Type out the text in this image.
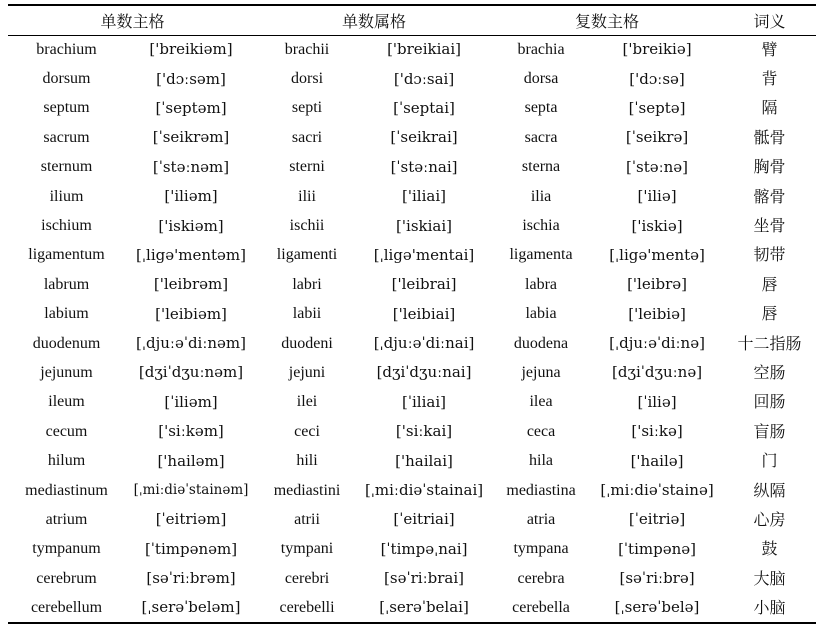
单数主格		单数属格		复数主格		词义
brachium	['breikiəm]	brachii	['breikiai]	brachia	['breikiə]	臂
dorsum	['dɔːsəm]	dorsi	['dɔːsai]	dorsa	['dɔːsə]	背
septum	[ˈseptəm]	septi	[ˈseptai]	septa	[ˈseptə]	隔
sacrum	[ˈseikrəm]	sacri	[ˈseikrai]	sacra	[ˈseikrə]	骶骨
sternum	[ˈstəːnəm]	sterni	[ˈstəːnai]	sterna	[ˈstəːnə]	胸骨
ilium	['iliəm]	ilii	['iliai]	ilia	['iliə]	髂骨
ischium	['iskiəm]	ischii	['iskiai]	ischia	['iskiə]	坐骨
ligamentum	[ˌligə'mentəm]	ligamenti	[ˌligə'mentai]	ligamenta	[ˌligə'mentə]	韧带
labrum	['leibrəm]	labri	['leibrai]	labra	['leibrə]	唇
labium	['leibiəm]	labii	['leibiai]	labia	['leibiə]	唇
duodenum	[ˌdjuːəˈdiːnəm]	duodeni	[ˌdjuːəˈdiːnai]	duodena	[ˌdjuːəˈdiːnə]	十二指肠
jejunum	[dʒiˈdʒuːnəm]	jejuni	[dʒiˈdʒuːnai]	jejuna	[dʒiˈdʒuːnə]	空肠
ileum	[ˈiliəm]	ilei	[ˈiliai]	ilea	[ˈiliə]	回肠
cecum	['siːkəm]	ceci	['siːkai]	ceca	['siːkə]	盲肠
hilum	['hailəm]	hili	['hailai]	hila	['hailə]	门
mediastinum	[ˌmiːdiəˈstainəm]	mediastini	[ˌmiːdiəˈstainai]	mediastina	[ˌmiːdiəˈstainə]	纵隔
atrium	[ˈeitriəm]	atrii	[ˈeitriai]	atria	[ˈeitriə]	心房
tympanum	[ˈtimpənəm]	tympani	[ˈtimpəˌnai]	tympana	[ˈtimpənə]	鼓
cerebrum	[səˈriːbrəm]	cerebri	[səˈriːbrai]	cerebra	[səˈriːbrə]	大脑
cerebellum	[ˌserəˈbeləm]	cerebelli	[ˌserəˈbelai]	cerebella	[ˌserəˈbelə]	小脑
